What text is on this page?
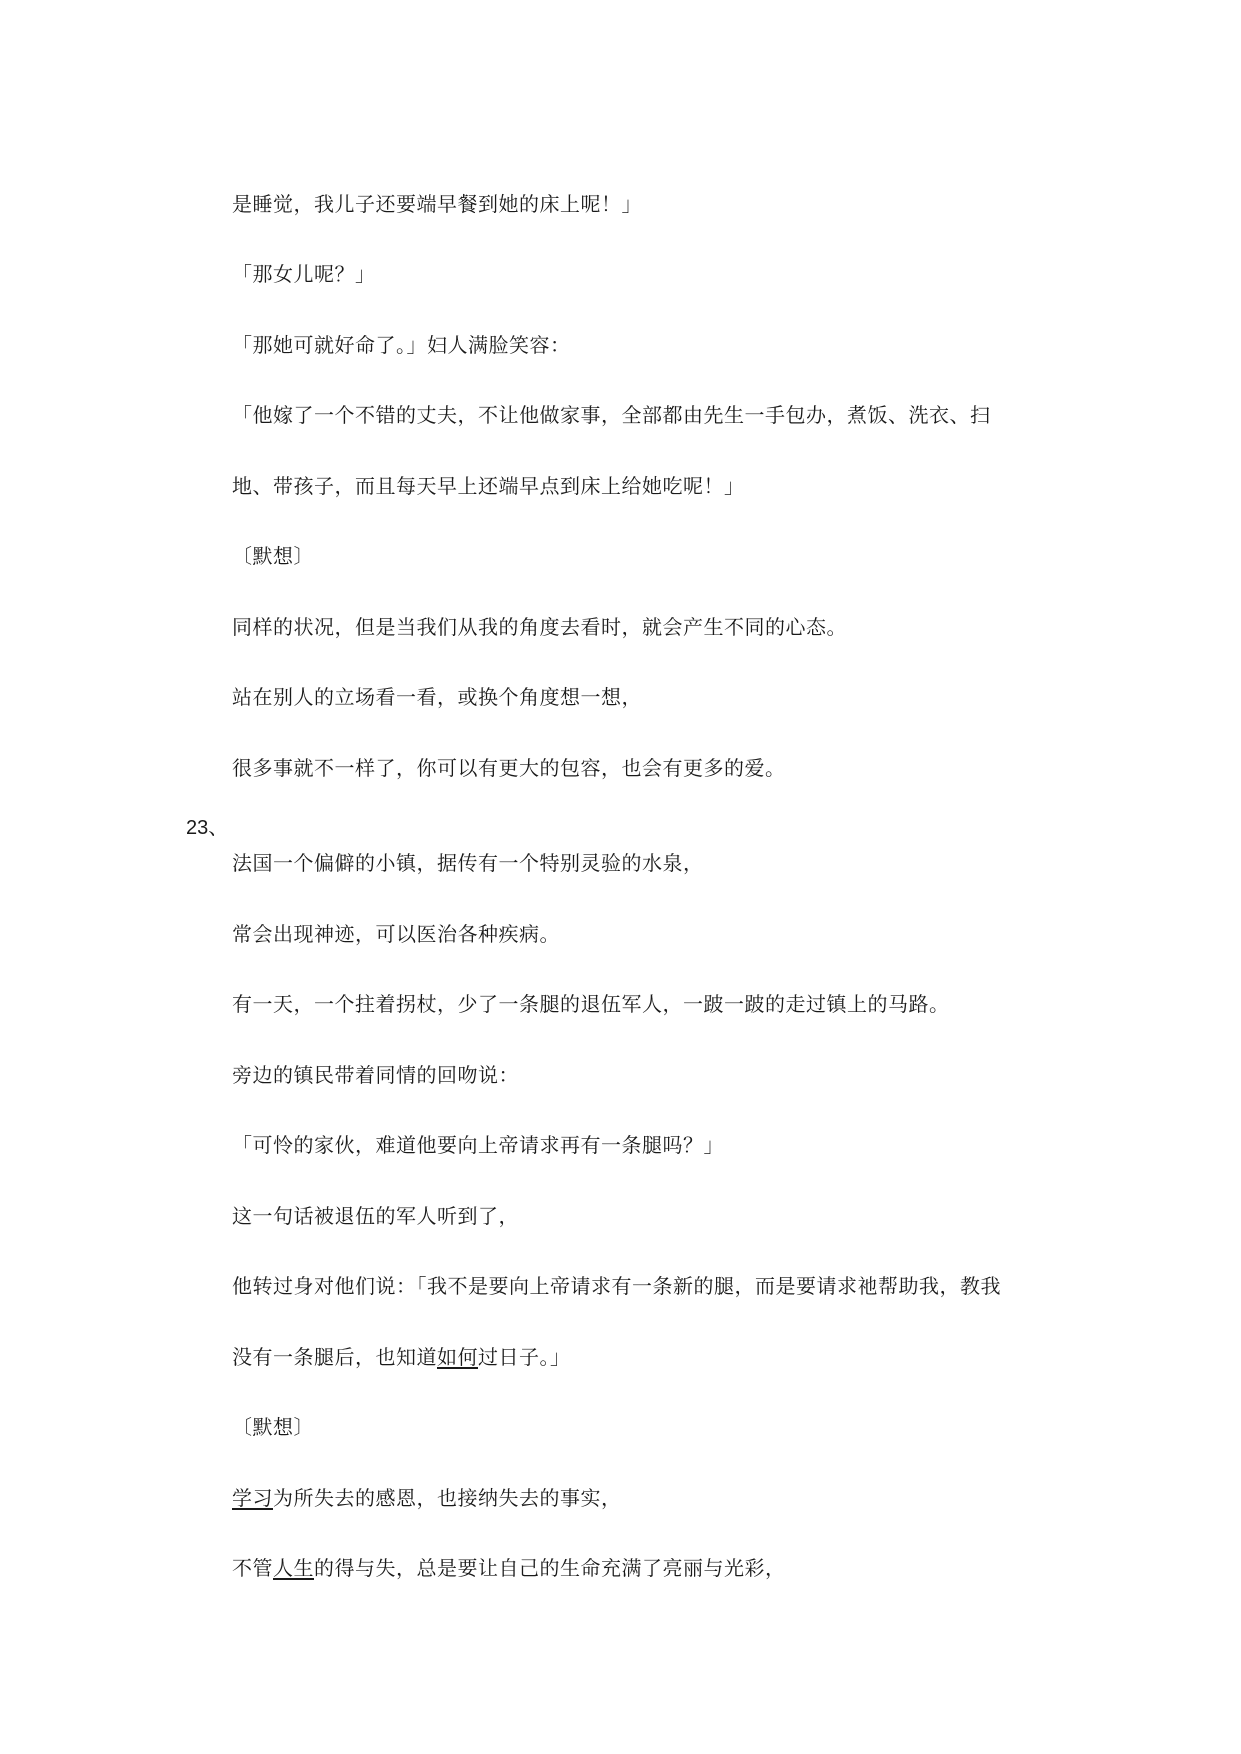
是睡觉，我儿子还要端早餐到她的床上呢！」
「那女儿呢？」
「那她可就好命了。」妇人满脸笑容：
「他嫁了一个不错的丈夫，不让他做家事，全部都由先生一手包办，煮饭、洗衣、扫
地、带孩子，而且每天早上还端早点到床上给她吃呢！」
〔默想〕
同样的状况，但是当我们从我的角度去看时，就会产生不同的心态。
站在别人的立场看一看，或换个角度想一想，
很多事就不一样了，你可以有更大的包容，也会有更多的爱。
23、
法国一个偏僻的小镇，据传有一个特别灵验的水泉，
常会出现神迹，可以医治各种疾病。
有一天，一个拄着拐杖，少了一条腿的退伍军人，一跛一跛的走过镇上的马路。
旁边的镇民带着同情的回吻说：
「可怜的家伙，难道他要向上帝请求再有一条腿吗？」
这一句话被退伍的军人听到了，
他转过身对他们说：「我不是要向上帝请求有一条新的腿，而是要请求祂帮助我，教我
没有一条腿后，也知道如何过日子。」
〔默想〕
学习为所失去的感恩，也接纳失去的事实，
不管人生的得与失，总是要让自己的生命充满了亮丽与光彩，
